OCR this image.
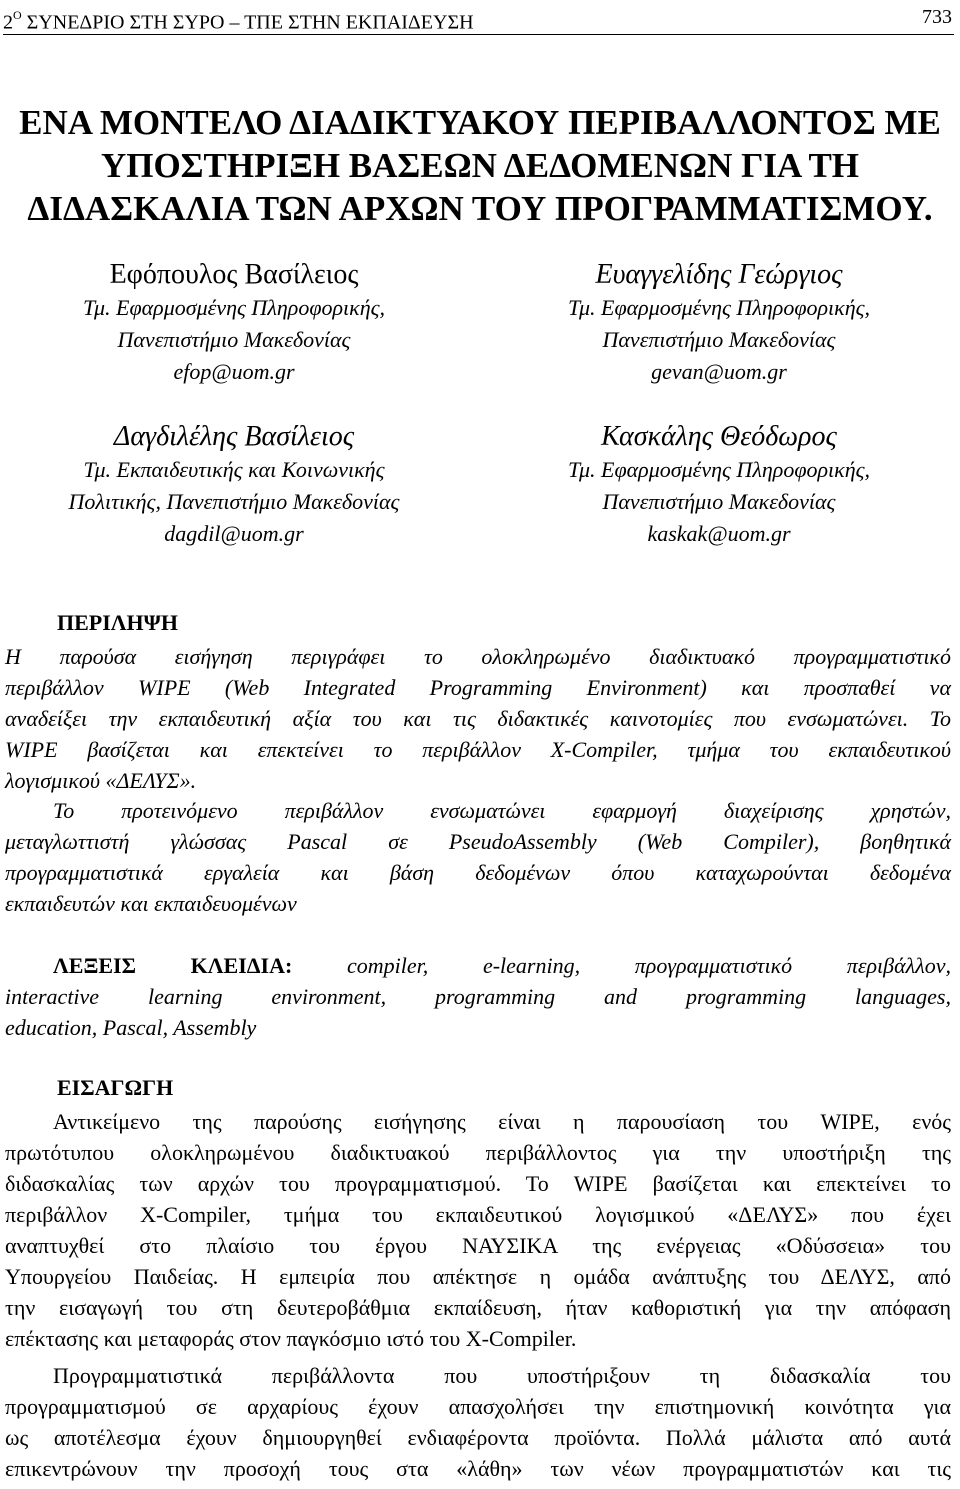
$2^O$ ΣΥΝΕΔΡΙΟ ΣΤΗ ΣΥΡΟ – ΤΠΕ ΣΤΗΝ ΕΚΠΑΙΔΕΥΣΗ	733
ΕΝΑ ΜΟΝΤΕΛΟ ΔΙΑΔΙΚΤΥΑΚΟΥ ΠΕΡΙΒΑΛΛΟΝΤΟΣ ΜΕ
ΥΠΟΣΤΗΡΙΞΗ ΒΑΣΕΩΝ ΔΕΔΟΜΕΝΩΝ ΓΙΑ ΤΗ
ΔΙΔΑΣΚΑΛΙΑ ΤΩΝ ΑΡΧΩΝ ΤΟΥ ΠΡΟΓΡΑΜΜΑΤΙΣΜΟΥ.
Εφόπουλος Βασίλειος
Τμ. Εφαρμοσμένης Πληροφορικής,
Πανεπιστήμιο Μακεδονίας
efop@uom.gr
Δαγδιλέλης Βασίλειος
Τμ. Εκπαιδευτικής και Κοινωνικής
Πολιτικής, Πανεπιστήμιο Μακεδονίας
dagdil@uom.gr
Ευαγγελίδης Γεώργιος
Τμ. Εφαρμοσμένης Πληροφορικής,
Πανεπιστήμιο Μακεδονίας
gevan@uom.gr
Κασκάλης Θεόδωρος
Τμ. Εφαρμοσμένης Πληροφορικής,
Πανεπιστήμιο Μακεδονίας
kaskak@uom.gr
ΠΕΡΙΛΗΨΗ
Η παρούσα εισήγηση περιγράφει το ολοκληρωμένο διαδικτυακό προγραμματιστικό
περιβάλλον WIPE (Web Integrated Programming Environment) και προσπαθεί να
αναδείξει την εκπαιδευτική αξία του και τις διδακτικές καινοτομίες που ενσωματώνει. Το
WIPE βασίζεται και επεκτείνει το περιβάλλον X-Compiler, τμήμα του εκπαιδευτικού
λογισμικού «ΔΕΛΥΣ».
Το προτεινόμενο περιβάλλον ενσωματώνει εφαρμογή διαχείρισης χρηστών,
μεταγλωττιστή γλώσσας Pascal σε PseudoAssembly (Web Compiler), βοηθητικά
προγραμματιστικά εργαλεία και βάση δεδομένων όπου καταχωρούνται δεδομένα
εκπαιδευτών και εκπαιδευομένων
ΛΕΞΕΙΣ ΚΛΕΙΔΙΑ: compiler, e-learning, προγραμματιστικό περιβάλλον,
interactive learning environment, programming and programming languages,
education, Pascal, Assembly
ΕΙΣΑΓΩΓΗ
Αντικείμενο της παρούσης εισήγησης είναι η παρουσίαση του WIPE, ενός
πρωτότυπου ολοκληρωμένου διαδικτυακού περιβάλλοντος για την υποστήριξη της
διδασκαλίας των αρχών του προγραμματισμού. Το WIPE βασίζεται και επεκτείνει το
περιβάλλον X-Compiler, τμήμα του εκπαιδευτικού λογισμικού «ΔΕΛΥΣ» που έχει
αναπτυχθεί στο πλαίσιο του έργου ΝΑΥΣΙΚΑ της ενέργειας «Οδύσσεια» του
Υπουργείου Παιδείας. Η εμπειρία που απέκτησε η ομάδα ανάπτυξης του ΔΕΛΥΣ, από
την εισαγωγή του στη δευτεροβάθμια εκπαίδευση, ήταν καθοριστική για την απόφαση
επέκτασης και μεταφοράς στον παγκόσμιο ιστό του X-Compiler.
Προγραμματιστικά περιβάλλοντα που υποστήριξουν τη διδασκαλία του
προγραμματισμού σε αρχαρίους έχουν απασχολήσει την επιστημονική κοινότητα για
ως αποτέλεσμα έχουν δημιουργηθεί ενδιαφέροντα προϊόντα. Πολλά μάλιστα από αυτά
επικεντρώνουν την προσοχή τους στα «λάθη» των νέων προγραμματιστών και τις
